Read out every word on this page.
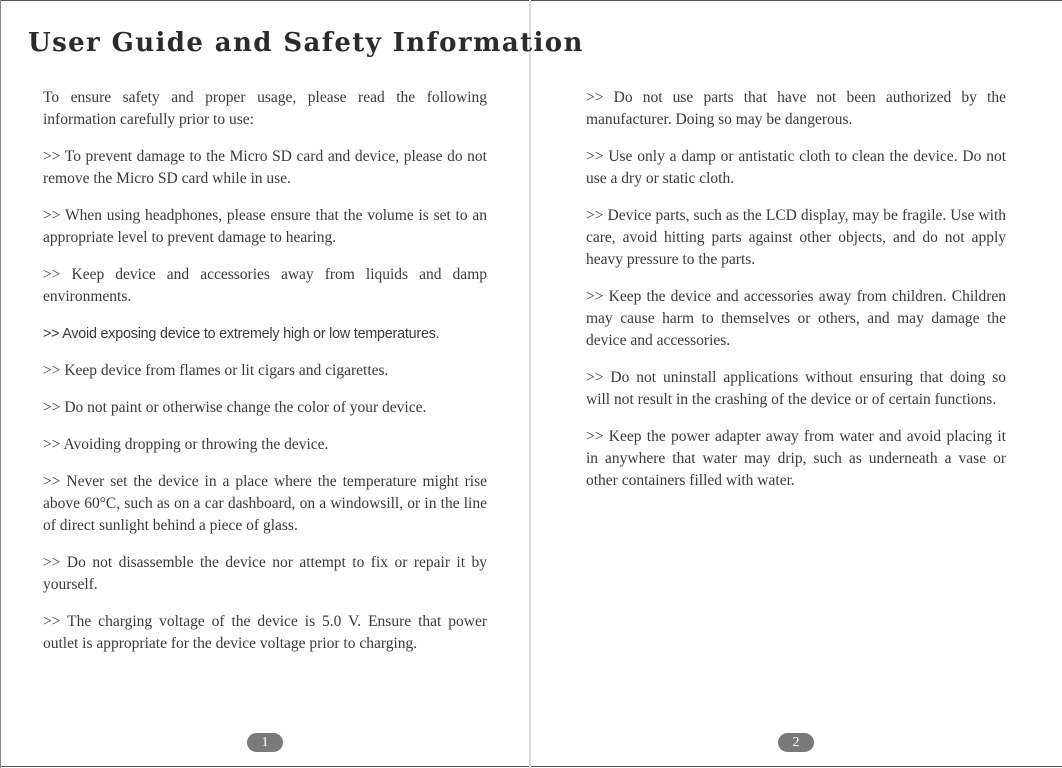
User Guide and Safety Information

To ensure safety and proper usage, please read the following information carefully prior to use:

>> To prevent damage to the Micro SD card and device, please do not remove the Micro SD card while in use.

>> When using headphones, please ensure that the volume is set to an appropriate level to prevent damage to hearing.

>> Keep device and accessories away from liquids and damp environments.

>> Avoid exposing device to extremely high or low temperatures.

>> Keep device from flames or lit cigars and cigarettes.

>> Do not paint or otherwise change the color of your device.

>> Avoiding dropping or throwing the device.

>> Never set the device in a place where the temperature might rise above 60°C, such as on a car dashboard, on a windowsill, or in the line of direct sunlight behind a piece of glass.

>> Do not disassemble the device nor attempt to fix or repair it by yourself.

>> The charging voltage of the device is 5.0 V. Ensure that power outlet is appropriate for the device voltage prior to charging.

1

>> Do not use parts that have not been authorized by the manufacturer. Doing so may be dangerous.

>> Use only a damp or antistatic cloth to clean the device. Do not use a dry or static cloth.

>> Device parts, such as the LCD display, may be fragile. Use with care, avoid hitting parts against other objects, and do not apply heavy pressure to the parts.

>> Keep the device and accessories away from children. Children may cause harm to themselves or others, and may damage the device and accessories.

>> Do not uninstall applications without ensuring that doing so will not result in the crashing of the device or of certain functions.

>> Keep the power adapter away from water and avoid placing it in anywhere that water may drip, such as underneath a vase or other containers filled with water.

2
